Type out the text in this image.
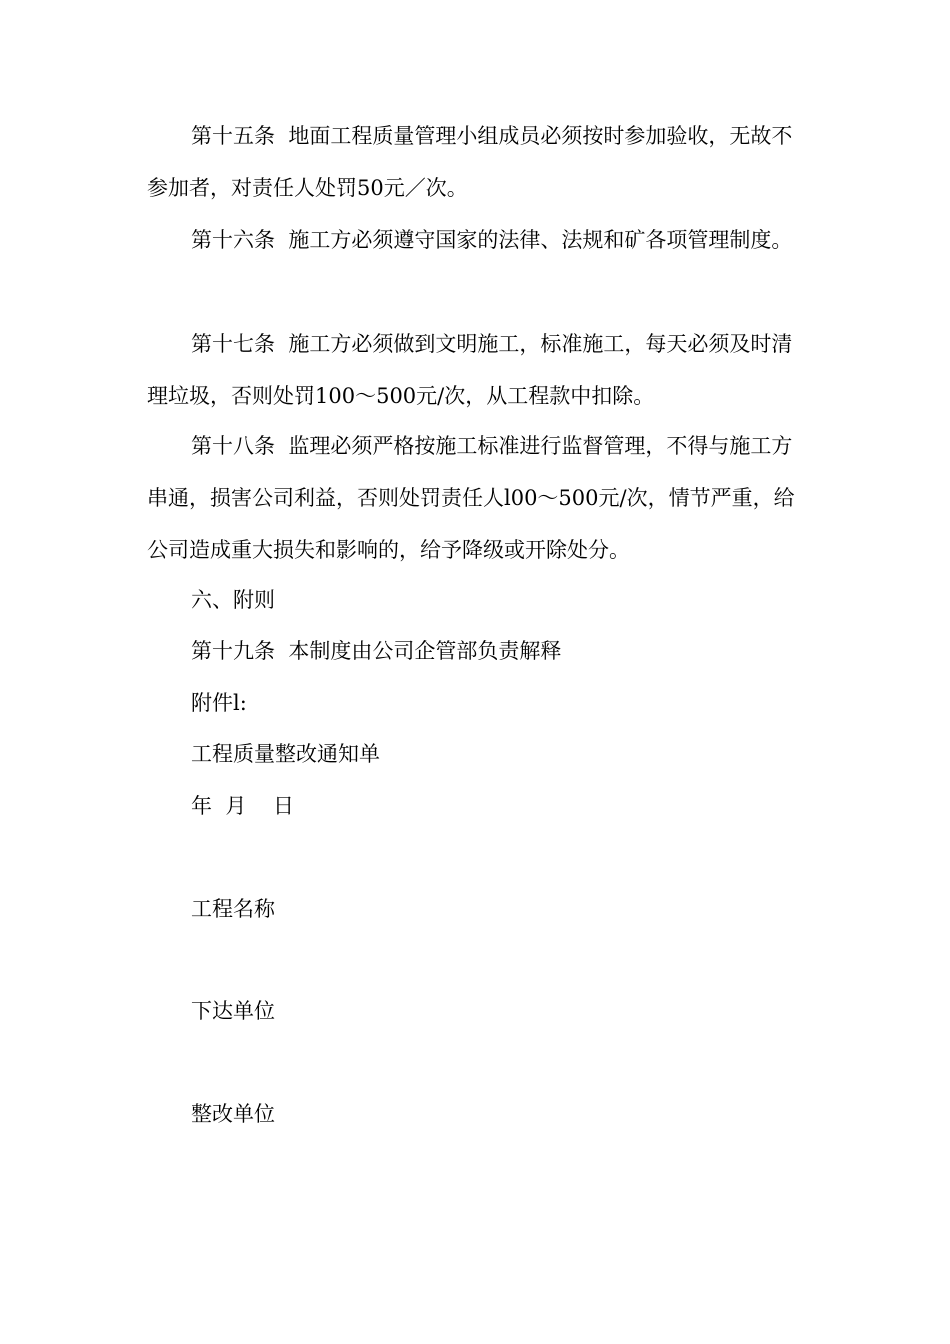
第十五条 地面工程质量管理小组成员必须按时参加验收，无故不参加者，对责任人处罚50元／次。

第十六条 施工方必须遵守国家的法律、法规和矿各项管理制度。

第十七条 施工方必须做到文明施工，标准施工，每天必须及时清理垃圾，否则处罚100～500元/次，从工程款中扣除。

第十八条 监理必须严格按施工标准进行监督管理，不得与施工方串通，损害公司利益，否则处罚责任人l00～500元/次，情节严重，给公司造成重大损失和影响的，给予降级或开除处分。

六、附则

第十九条 本制度由公司企管部负责解释

附件l:

工程质量整改通知单

年  月    日

工程名称

下达单位

整改单位
